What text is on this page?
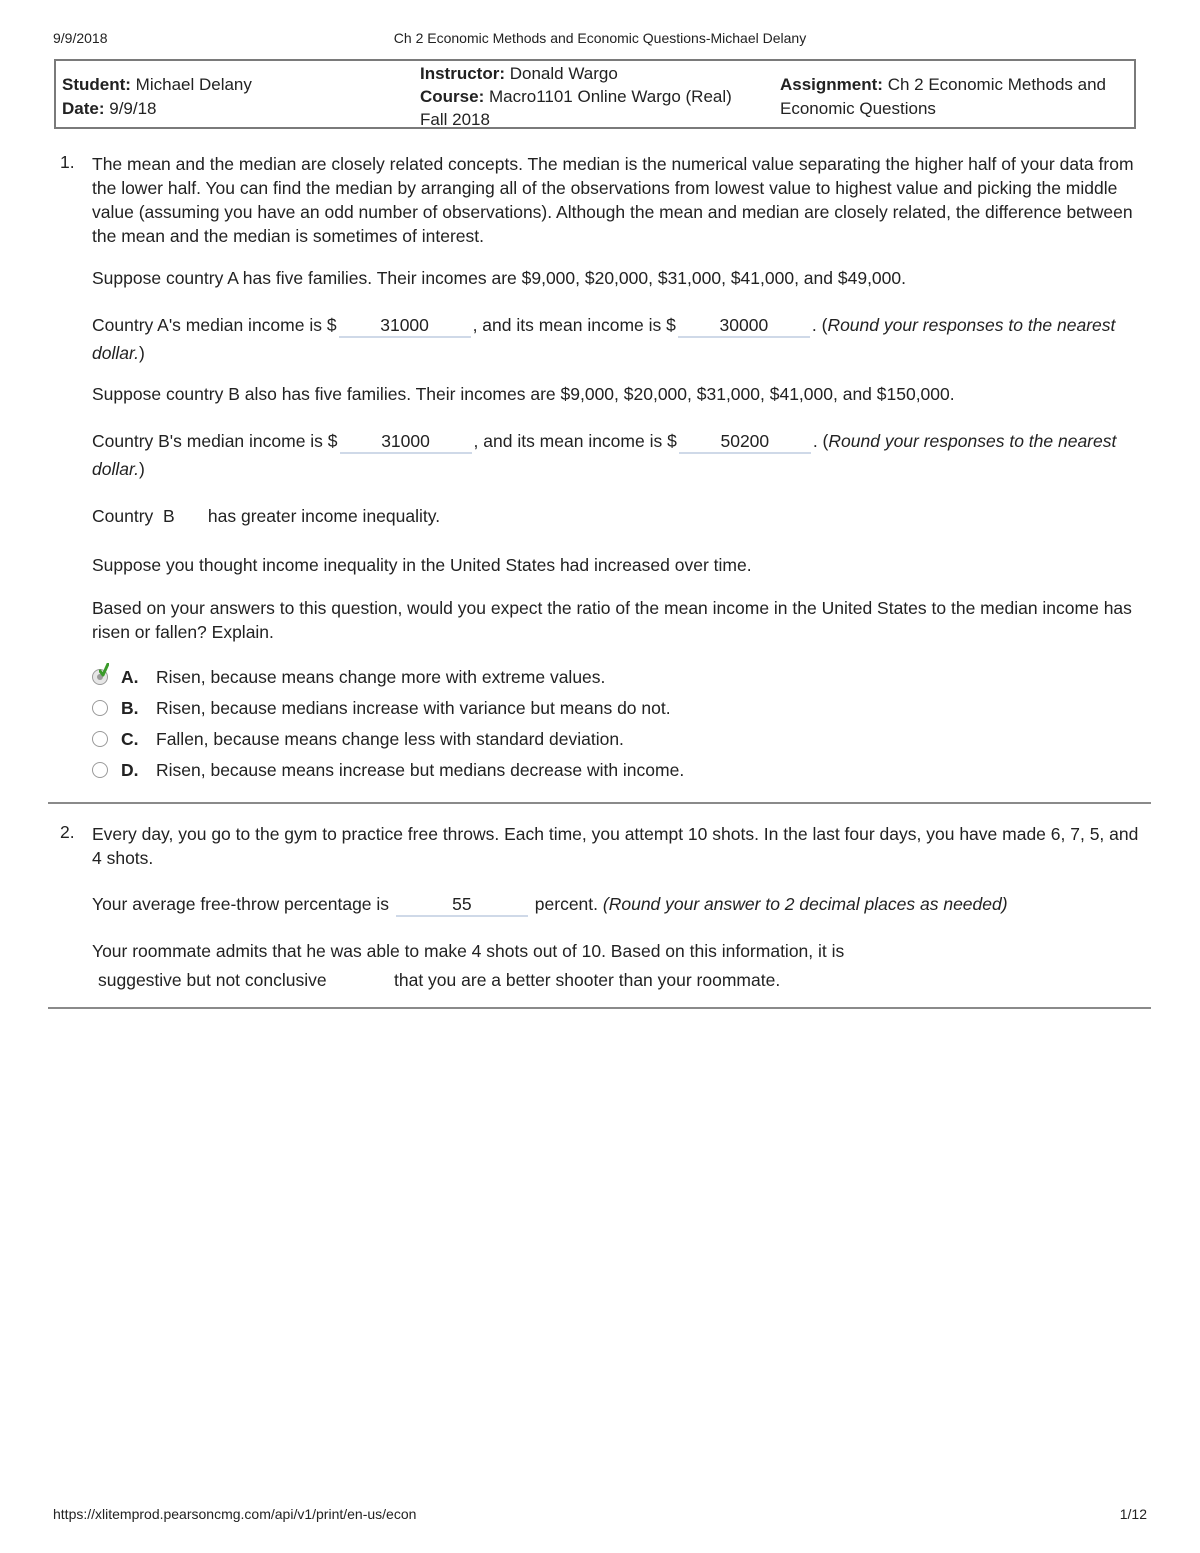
9/9/2018	Ch 2 Economic Methods and Economic Questions-Michael Delany
Student: Michael Delany
Date: 9/9/18
Instructor: Donald Wargo
Course: Macro1101 Online Wargo (Real)
Fall 2018
Assignment: Ch 2 Economic Methods and Economic Questions
1. The mean and the median are closely related concepts. The median is the numerical value separating the higher half of your data from the lower half. You can find the median by arranging all of the observations from lowest value to highest value and picking the middle value (assuming you have an odd number of observations). Although the mean and median are closely related, the difference between the mean and the median is sometimes of interest.
Suppose country A has five families. Their incomes are $9,000, $20,000, $31,000, $41,000, and $49,000.
Country A's median income is $ 31000 , and its mean income is $ 30000 . (Round your responses to the nearest dollar.)
Suppose country B also has five families. Their incomes are $9,000, $20,000, $31,000, $41,000, and $150,000.
Country B's median income is $ 31000 , and its mean income is $ 50200 . (Round your responses to the nearest dollar.)
Country B has greater income inequality.
Suppose you thought income inequality in the United States had increased over time.
Based on your answers to this question, would you expect the ratio of the mean income in the United States to the median income has risen or fallen? Explain.
A. Risen, because means change more with extreme values.
B. Risen, because medians increase with variance but means do not.
C. Fallen, because means change less with standard deviation.
D. Risen, because means increase but medians decrease with income.
2. Every day, you go to the gym to practice free throws. Each time, you attempt 10 shots. In the last four days, you have made 6, 7, 5, and 4 shots.
Your average free-throw percentage is	55	percent. (Round your answer to 2 decimal places as needed)
Your roommate admits that he was able to make 4 shots out of 10. Based on this information, it is
suggestive but not conclusive	that you are a better shooter than your roommate.
https://xlitemprod.pearsoncmg.com/api/v1/print/en-us/econ	1/12
